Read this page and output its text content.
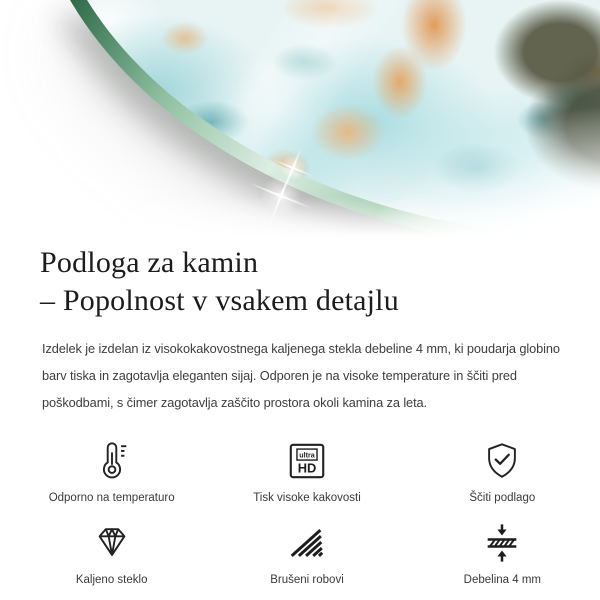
Podloga za kamin
– Popolnost v vsakem detajlu

Izdelek je izdelan iz visokokakovostnega kaljenega stekla debeline 4 mm, ki poudarja globino barv tiska in zagotavlja eleganten sijaj. Odporen je na visoke temperature in ščiti pred poškodbami, s čimer zagotavlja zaščito prostora okoli kamina za leta.

Odporno na temperaturo
ultra
HD
Tisk visoke kakovosti	Ščiti podlago
Kaljeno steklo	Brušeni robovi	Debelina 4 mm
